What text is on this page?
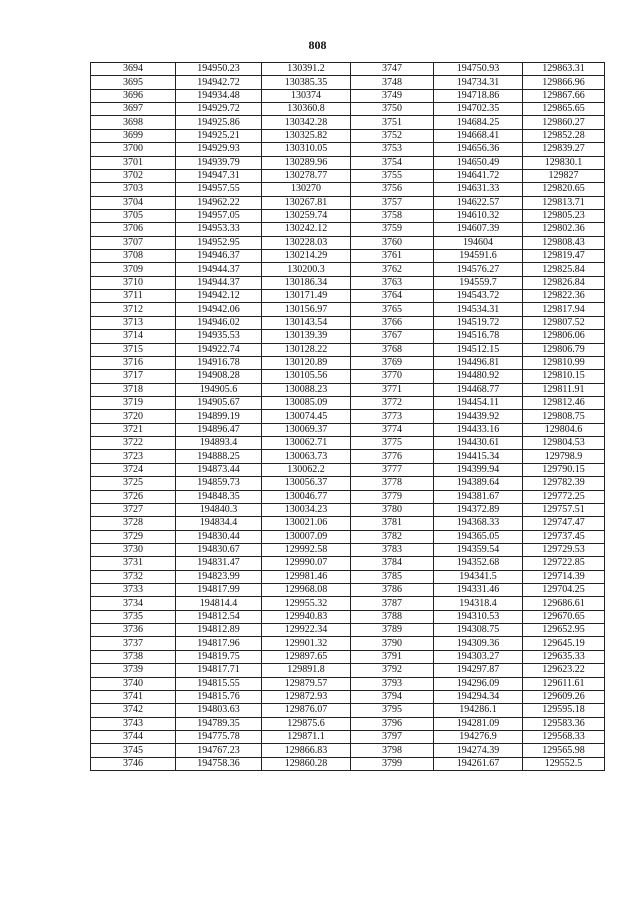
808
3694	194950.23	130391.2	3747	194750.93	129863.31
3695	194942.72	130385.35	3748	194734.31	129866.96
3696	194934.48	130374	3749	194718.86	129867.66
3697	194929.72	130360.8	3750	194702.35	129865.65
3698	194925.86	130342.28	3751	194684.25	129860.27
3699	194925.21	130325.82	3752	194668.41	129852.28
3700	194929.93	130310.05	3753	194656.36	129839.27
3701	194939.79	130289.96	3754	194650.49	129830.1
3702	194947.31	130278.77	3755	194641.72	129827
3703	194957.55	130270	3756	194631.33	129820.65
3704	194962.22	130267.81	3757	194622.57	129813.71
3705	194957.05	130259.74	3758	194610.32	129805.23
3706	194953.33	130242.12	3759	194607.39	129802.36
3707	194952.95	130228.03	3760	194604	129808.43
3708	194946.37	130214.29	3761	194591.6	129819.47
3709	194944.37	130200.3	3762	194576.27	129825.84
3710	194944.37	130186.34	3763	194559.7	129826.84
3711	194942.12	130171.49	3764	194543.72	129822.36
3712	194942.06	130156.97	3765	194534.31	129817.94
3713	194946.02	130143.54	3766	194519.72	129807.52
3714	194935.53	130139.39	3767	194516.78	129806.06
3715	194922.74	130128.22	3768	194512.15	129806.79
3716	194916.78	130120.89	3769	194496.81	129810.99
3717	194908.28	130105.56	3770	194480.92	129810.15
3718	194905.6	130088.23	3771	194468.77	129811.91
3719	194905.67	130085.09	3772	194454.11	129812.46
3720	194899.19	130074.45	3773	194439.92	129808.75
3721	194896.47	130069.37	3774	194433.16	129804.6
3722	194893.4	130062.71	3775	194430.61	129804.53
3723	194888.25	130063.73	3776	194415.34	129798.9
3724	194873.44	130062.2	3777	194399.94	129790.15
3725	194859.73	130056.37	3778	194389.64	129782.39
3726	194848.35	130046.77	3779	194381.67	129772.25
3727	194840.3	130034.23	3780	194372.89	129757.51
3728	194834.4	130021.06	3781	194368.33	129747.47
3729	194830.44	130007.09	3782	194365.05	129737.45
3730	194830.67	129992.58	3783	194359.54	129729.53
3731	194831.47	129990.07	3784	194352.68	129722.85
3732	194823.99	129981.46	3785	194341.5	129714.39
3733	194817.99	129968.08	3786	194331.46	129704.25
3734	194814.4	129955.32	3787	194318.4	129686.61
3735	194812.54	129940.83	3788	194310.53	129670.65
3736	194812.89	129922.34	3789	194308.75	129652.95
3737	194817.96	129901.32	3790	194309.36	129645.19
3738	194819.75	129897.65	3791	194303.27	129635.33
3739	194817.71	129891.8	3792	194297.87	129623.22
3740	194815.55	129879.57	3793	194296.09	129611.61
3741	194815.76	129872.93	3794	194294.34	129609.26
3742	194803.63	129876.07	3795	194286.1	129595.18
3743	194789.35	129875.6	3796	194281.09	129583.36
3744	194775.78	129871.1	3797	194276.9	129568.33
3745	194767.23	129866.83	3798	194274.39	129565.98
3746	194758.36	129860.28	3799	194261.67	129552.5
